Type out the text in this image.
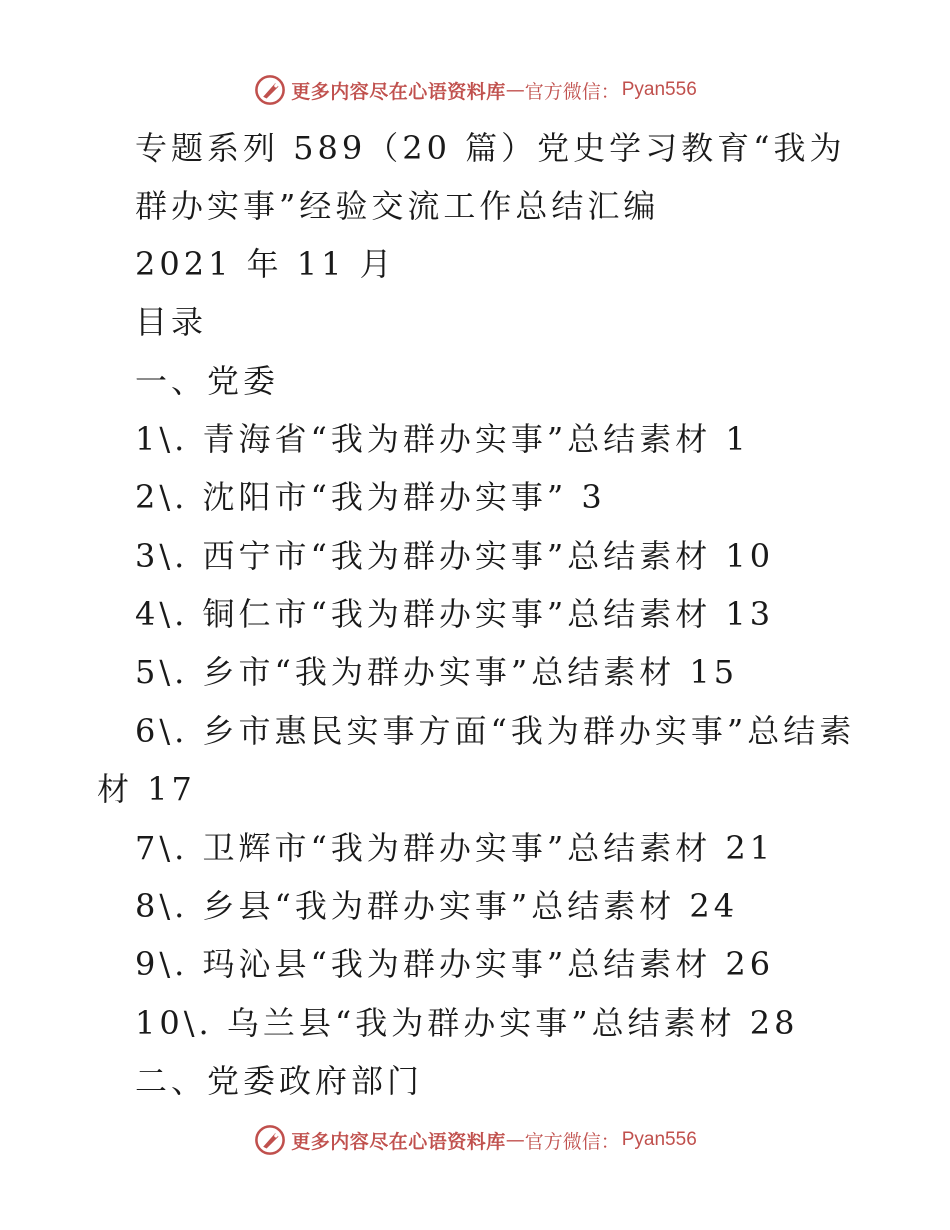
更多内容尽在心语资料库 — 官方微信： Pyan556
专题系列 589（20 篇）党史学习教育“我为
群办实事”经验交流工作总结汇编
2021 年 11 月
目录
一、党委
1\. 青海省“我为群办实事”总结素材 1
2\. 沈阳市“我为群办实事” 3
3\. 西宁市“我为群办实事”总结素材 10
4\. 铜仁市“我为群办实事”总结素材 13
5\. 乡市“我为群办实事”总结素材 15
6\. 乡市惠民实事方面“我为群办实事”总结素
材 17
7\. 卫辉市“我为群办实事”总结素材 21
8\. 乡县“我为群办实事”总结素材 24
9\. 玛沁县“我为群办实事”总结素材 26
10\. 乌兰县“我为群办实事”总结素材 28
二、党委政府部门
更多内容尽在心语资料库 — 官方微信： Pyan556
